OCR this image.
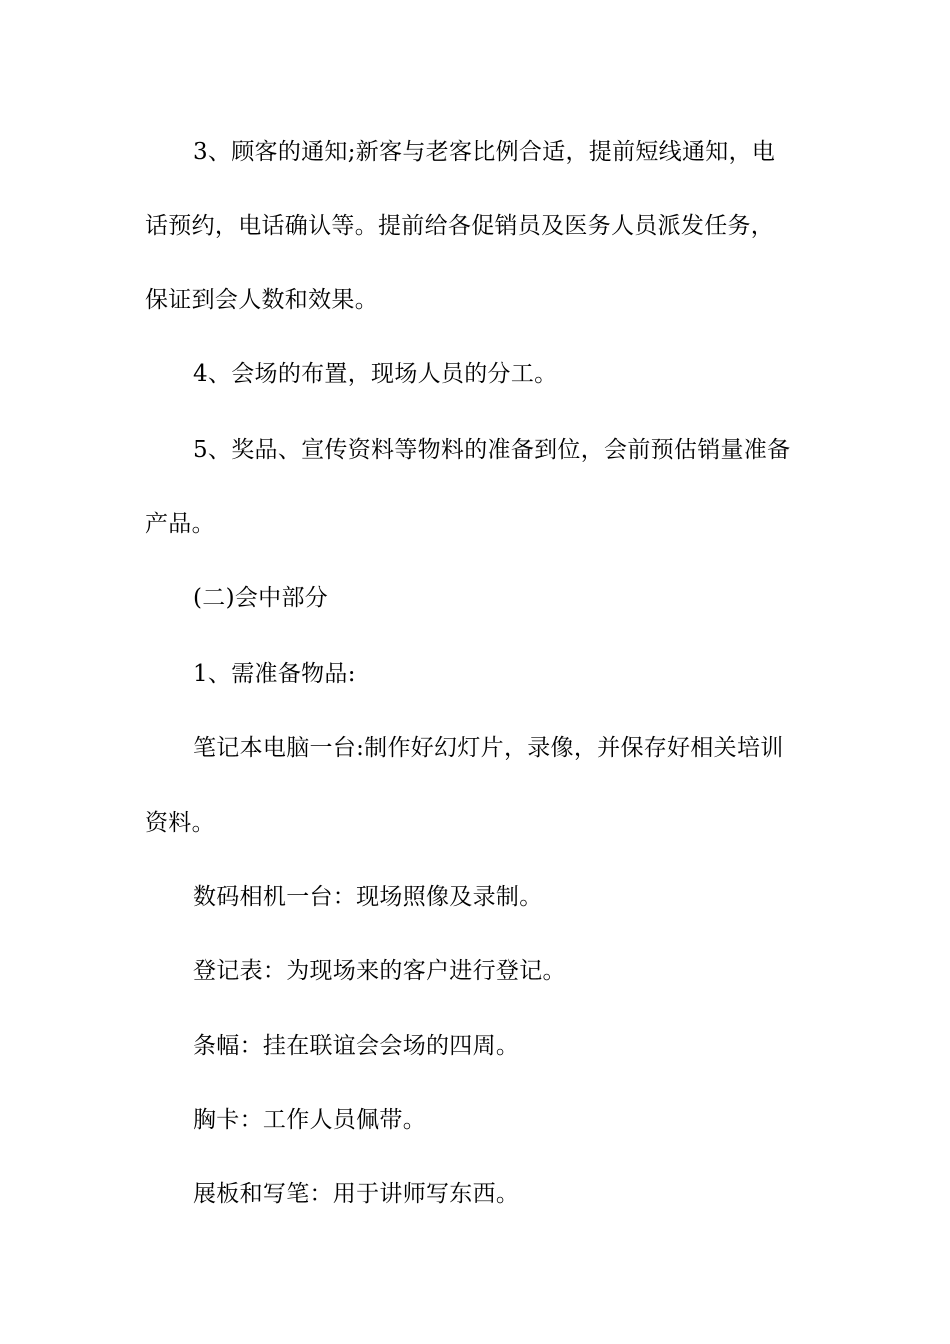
3、顾客的通知;新客与老客比例合适，提前短线通知，电
话预约，电话确认等。提前给各促销员及医务人员派发任务，
保证到会人数和效果。
4、会场的布置，现场人员的分工。
5、奖品、宣传资料等物料的准备到位，会前预估销量准备
产品。
(二)会中部分
1、需准备物品:
笔记本电脑一台:制作好幻灯片，录像，并保存好相关培训
资料。
数码相机一台：现场照像及录制。
登记表：为现场来的客户进行登记。
条幅：挂在联谊会会场的四周。
胸卡：工作人员佩带。
展板和写笔：用于讲师写东西。
